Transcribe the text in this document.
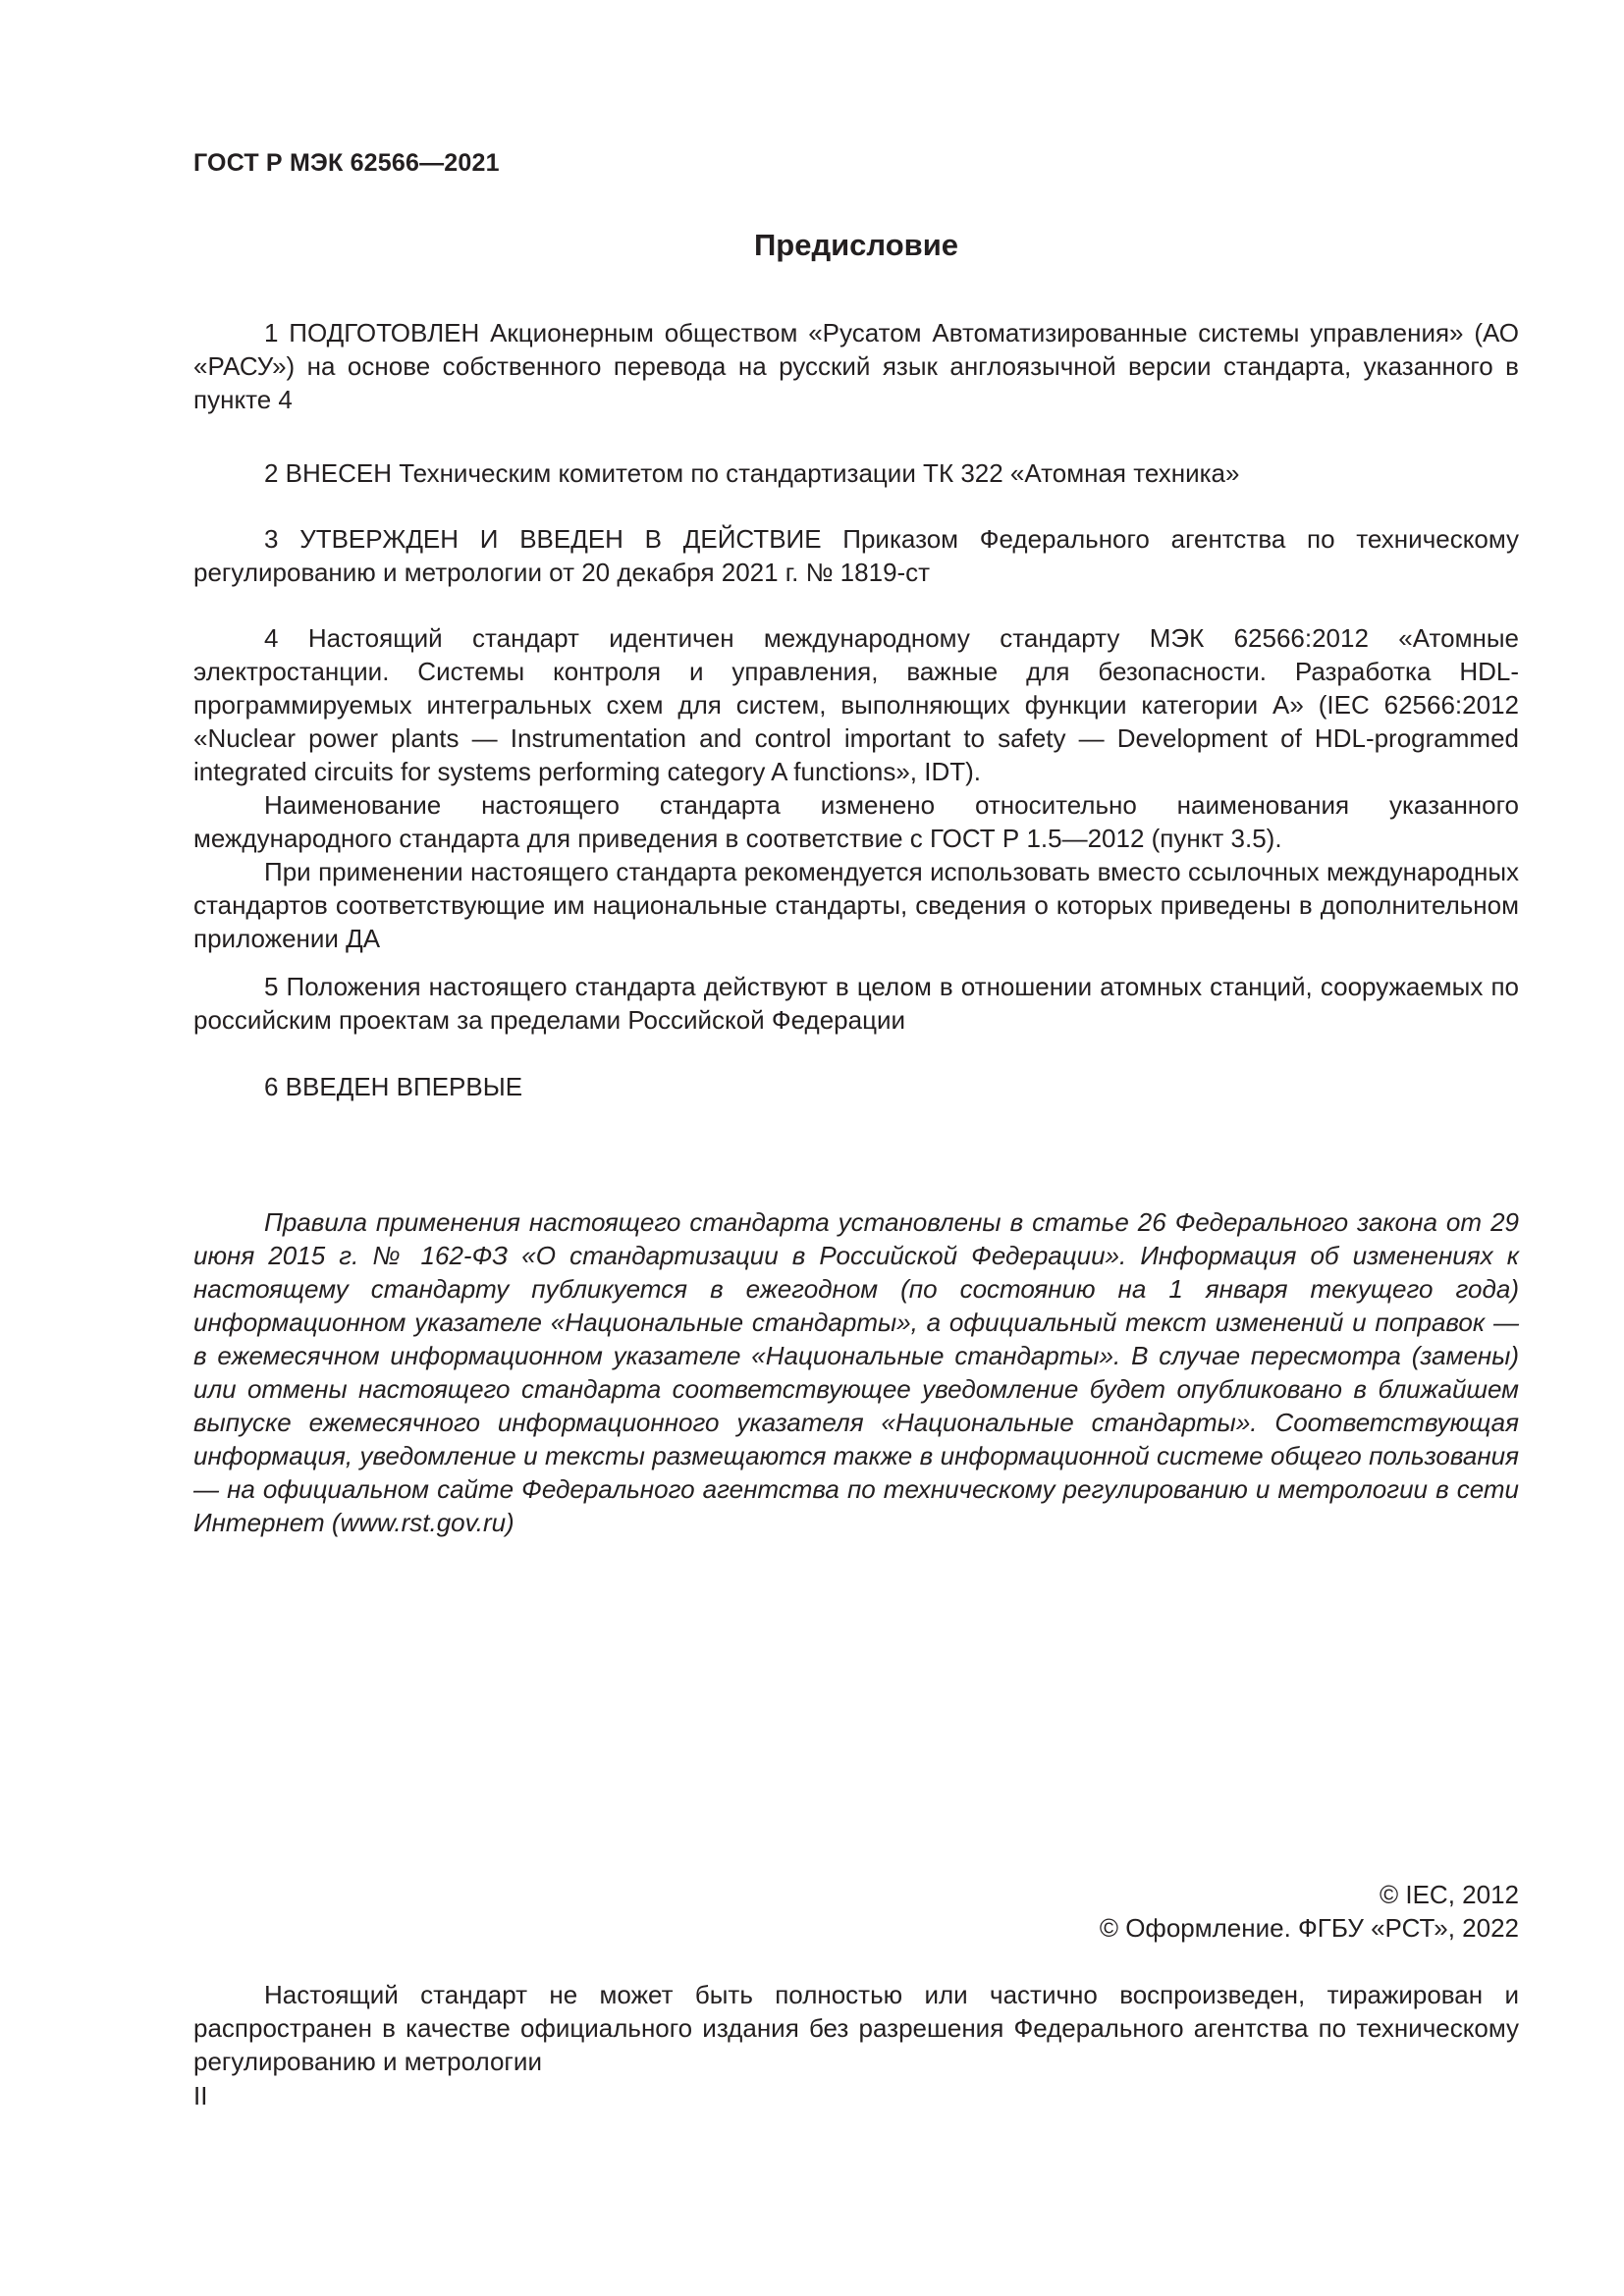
ГОСТ Р МЭК 62566—2021
Предисловие

1 ПОДГОТОВЛЕН Акционерным обществом «Русатом Автоматизированные системы управления» (АО «РАСУ») на основе собственного перевода на русский язык англоязычной версии стандарта, указанного в пункте 4

2 ВНЕСЕН Техническим комитетом по стандартизации ТК 322 «Атомная техника»

3 УТВЕРЖДЕН И ВВЕДЕН В ДЕЙСТВИЕ Приказом Федерального агентства по техническому регулированию и метрологии от 20 декабря 2021 г. № 1819-ст

4 Настоящий стандарт идентичен международному стандарту МЭК 62566:2012 «Атомные электростанции. Системы контроля и управления, важные для безопасности. Разработка HDL-программируемых интегральных схем для систем, выполняющих функции категории А» (IEC 62566:2012 «Nuclear power plants — Instrumentation and control important to safety — Development of HDL-programmed integrated circuits for systems performing category A functions», IDT).

Наименование настоящего стандарта изменено относительно наименования указанного международного стандарта для приведения в соответствие с ГОСТ Р 1.5—2012 (пункт 3.5).

При применении настоящего стандарта рекомендуется использовать вместо ссылочных международных стандартов соответствующие им национальные стандарты, сведения о которых приведены в дополнительном приложении ДА

5 Положения настоящего стандарта действуют в целом в отношении атомных станций, сооружаемых по российским проектам за пределами Российской Федерации

6 ВВЕДЕН ВПЕРВЫЕ

Правила применения настоящего стандарта установлены в статье 26 Федерального закона от 29 июня 2015 г. № 162-ФЗ «О стандартизации в Российской Федерации». Информация об изменениях к настоящему стандарту публикуется в ежегодном (по состоянию на 1 января текущего года) информационном указателе «Национальные стандарты», а официальный текст изменений и поправок — в ежемесячном информационном указателе «Национальные стандарты». В случае пересмотра (замены) или отмены настоящего стандарта соответствующее уведомление будет опубликовано в ближайшем выпуске ежемесячного информационного указателя «Национальные стандарты». Соответствующая информация, уведомление и тексты размещаются также в информационной системе общего пользования — на официальном сайте Федерального агентства по техническому регулированию и метрологии в сети Интернет (www.rst.gov.ru)

© IEC, 2012
© Оформление. ФГБУ «РСТ», 2022

Настоящий стандарт не может быть полностью или частично воспроизведен, тиражирован и распространен в качестве официального издания без разрешения Федерального агентства по техническому регулированию и метрологии

II
